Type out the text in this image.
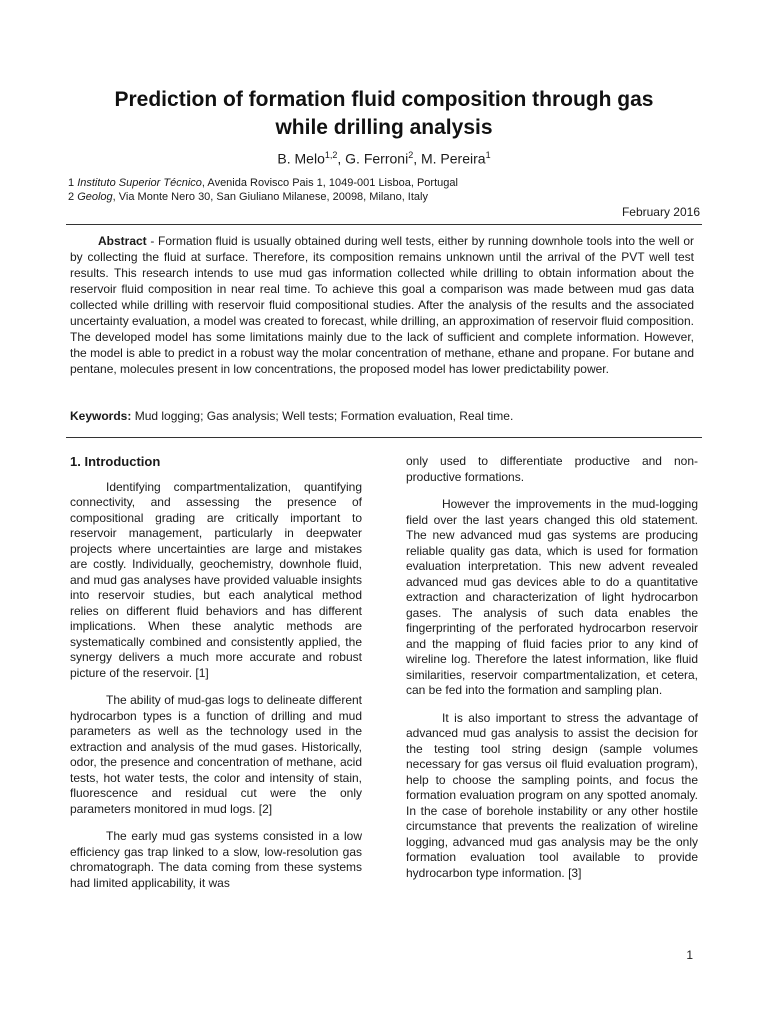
Prediction of formation fluid composition through gas
while drilling analysis
B. Melo$^{1,2}$, G. Ferroni$^2$, M. Pereira$^1$
1 Instituto Superior Técnico, Avenida Rovisco Pais 1, 1049-001 Lisboa, Portugal
2 Geolog, Via Monte Nero 30, San Giuliano Milanese, 20098, Milano, Italy
February 2016

Abstract - Formation fluid is usually obtained during well tests, either by running downhole tools into the well or by collecting the fluid at surface. Therefore, its composition remains unknown until the arrival of the PVT well test results. This research intends to use mud gas information collected while drilling to obtain information about the reservoir fluid composition in near real time. To achieve this goal a comparison was made between mud gas data collected while drilling with reservoir fluid compositional studies. After the analysis of the results and the associated uncertainty evaluation, a model was created to forecast, while drilling, an approximation of reservoir fluid composition. The developed model has some limitations mainly due to the lack of sufficient and complete information. However, the model is able to predict in a robust way the molar concentration of methane, ethane and propane. For butane and pentane, molecules present in low concentrations, the proposed model has lower predictability power.

Keywords: Mud logging; Gas analysis; Well tests; Formation evaluation, Real time.

1. Introduction

Identifying compartmentalization, quantifying connectivity, and assessing the presence of compositional grading are critically important to reservoir management, particularly in deepwater projects where uncertainties are large and mistakes are costly. Individually, geochemistry, downhole fluid, and mud gas analyses have provided valuable insights into reservoir studies, but each analytical method relies on different fluid behaviors and has different implications. When these analytic methods are systematically combined and consistently applied, the synergy delivers a much more accurate and robust picture of the reservoir. [1]

The ability of mud-gas logs to delineate different hydrocarbon types is a function of drilling and mud parameters as well as the technology used in the extraction and analysis of the mud gases. Historically, odor, the presence and concentration of methane, acid tests, hot water tests, the color and intensity of stain, fluorescence and residual cut were the only parameters monitored in mud logs. [2]

The early mud gas systems consisted in a low efficiency gas trap linked to a slow, low-resolution gas chromatograph. The data coming from these systems had limited applicability, it was

only used to differentiate productive and non-productive formations.

However the improvements in the mud-logging field over the last years changed this old statement. The new advanced mud gas systems are producing reliable quality gas data, which is used for formation evaluation interpretation. This new advent revealed advanced mud gas devices able to do a quantitative extraction and characterization of light hydrocarbon gases. The analysis of such data enables the fingerprinting of the perforated hydrocarbon reservoir and the mapping of fluid facies prior to any kind of wireline log. Therefore the latest information, like fluid similarities, reservoir compartmentalization, et cetera, can be fed into the formation and sampling plan.

It is also important to stress the advantage of advanced mud gas analysis to assist the decision for the testing tool string design (sample volumes necessary for gas versus oil fluid evaluation program), help to choose the sampling points, and focus the formation evaluation program on any spotted anomaly. In the case of borehole instability or any other hostile circumstance that prevents the realization of wireline logging, advanced mud gas analysis may be the only formation evaluation tool available to provide hydrocarbon type information. [3]

1
